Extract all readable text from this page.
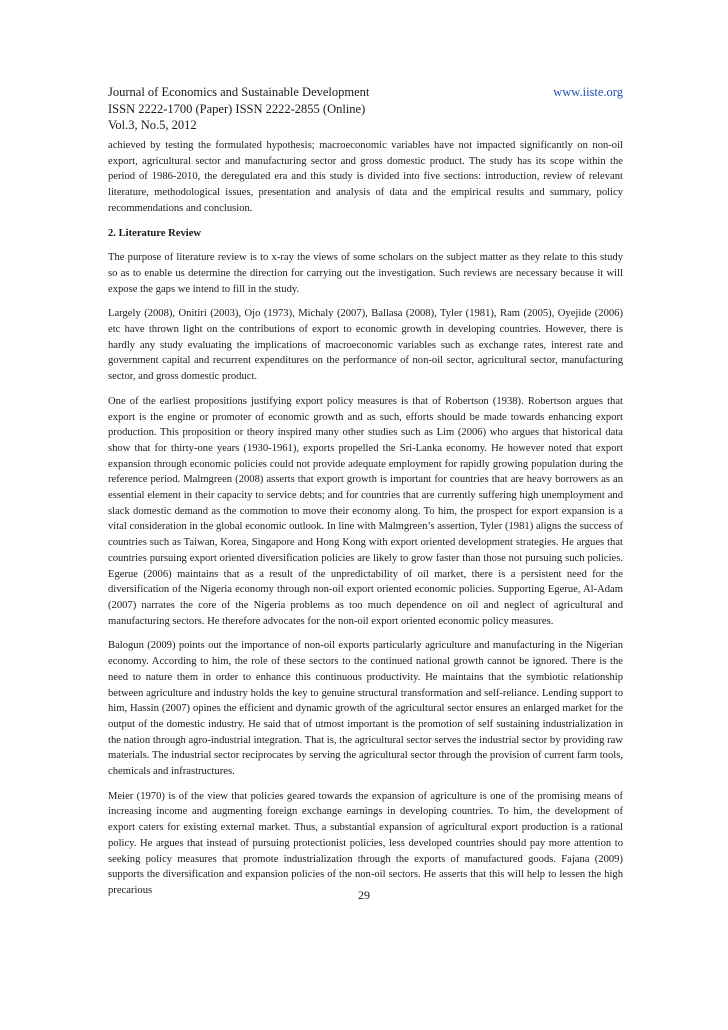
Journal of Economics and Sustainable Development	www.iiste.org
ISSN 2222-1700 (Paper) ISSN 2222-2855 (Online)
Vol.3, No.5, 2012

achieved by testing the formulated hypothesis; macroeconomic variables have not impacted significantly on non-oil export, agricultural sector and manufacturing sector and gross domestic product. The study has its scope within the period of 1986-2010, the deregulated era and this study is divided into five sections: introduction, review of relevant literature, methodological issues, presentation and analysis of data and the empirical results and summary, policy recommendations and conclusion.

2. Literature Review

The purpose of literature review is to x-ray the views of some scholars on the subject matter as they relate to this study so as to enable us determine the direction for carrying out the investigation. Such reviews are necessary because it will expose the gaps we intend to fill in the study.

Largely (2008), Onitiri (2003), Ojo (1973), Michaly (2007), Ballasa (2008), Tyler (1981), Ram (2005), Oyejide (2006) etc have thrown light on the contributions of export to economic growth in developing countries. However, there is hardly any study evaluating the implications of macroeconomic variables such as exchange rates, interest rate and government capital and recurrent expenditures on the performance of non-oil sector, agricultural sector, manufacturing sector, and gross domestic product.

One of the earliest propositions justifying export policy measures is that of Robertson (1938). Robertson argues that export is the engine or promoter of economic growth and as such, efforts should be made towards enhancing export production. This proposition or theory inspired many other studies such as Lim (2006) who argues that historical data show that for thirty-one years (1930-1961), exports propelled the Sri-Lanka economy. He however noted that export expansion through economic policies could not provide adequate employment for rapidly growing population during the reference period. Malmgreen (2008) asserts that export growth is important for countries that are heavy borrowers as an essential element in their capacity to service debts; and for countries that are currently suffering high unemployment and slack domestic demand as the commotion to move their economy along. To him, the prospect for export expansion is a vital consideration in the global economic outlook. In line with Malmgreen’s assertion, Tyler (1981) aligns the success of countries such as Taiwan, Korea, Singapore and Hong Kong with export oriented development strategies. He argues that countries pursuing export oriented diversification policies are likely to grow faster than those not pursuing such policies. Egerue (2006) maintains that as a result of the unpredictability of oil market, there is a persistent need for the diversification of the Nigeria economy through non-oil export oriented economic policies. Supporting Egerue, Al-Adam (2007) narrates the core of the Nigeria problems as too much dependence on oil and neglect of agricultural and manufacturing sectors. He therefore advocates for the non-oil export oriented economic policy measures.

Balogun (2009) points out the importance of non-oil exports particularly agriculture and manufacturing in the Nigerian economy. According to him, the role of these sectors to the continued national growth cannot be ignored. There is the need to nature them in order to enhance this continuous productivity. He maintains that the symbiotic relationship between agriculture and industry holds the key to genuine structural transformation and self-reliance. Lending support to him, Hassin (2007) opines the efficient and dynamic growth of the agricultural sector ensures an enlarged market for the output of the domestic industry. He said that of utmost important is the promotion of self sustaining industrialization in the nation through agro-industrial integration. That is, the agricultural sector serves the industrial sector by providing raw materials. The industrial sector reciprocates by serving the agricultural sector through the provision of current farm tools, chemicals and infrastructures.

Meier (1970) is of the view that policies geared towards the expansion of agriculture is one of the promising means of increasing income and augmenting foreign exchange earnings in developing countries. To him, the development of export caters for existing external market. Thus, a substantial expansion of agricultural export production is a rational policy. He argues that instead of pursuing protectionist policies, less developed countries should pay more attention to seeking policy measures that promote industrialization through the exports of manufactured goods. Fajana (2009) supports the diversification and expansion policies of the non-oil sectors. He asserts that this will help to lessen the high precarious	29
